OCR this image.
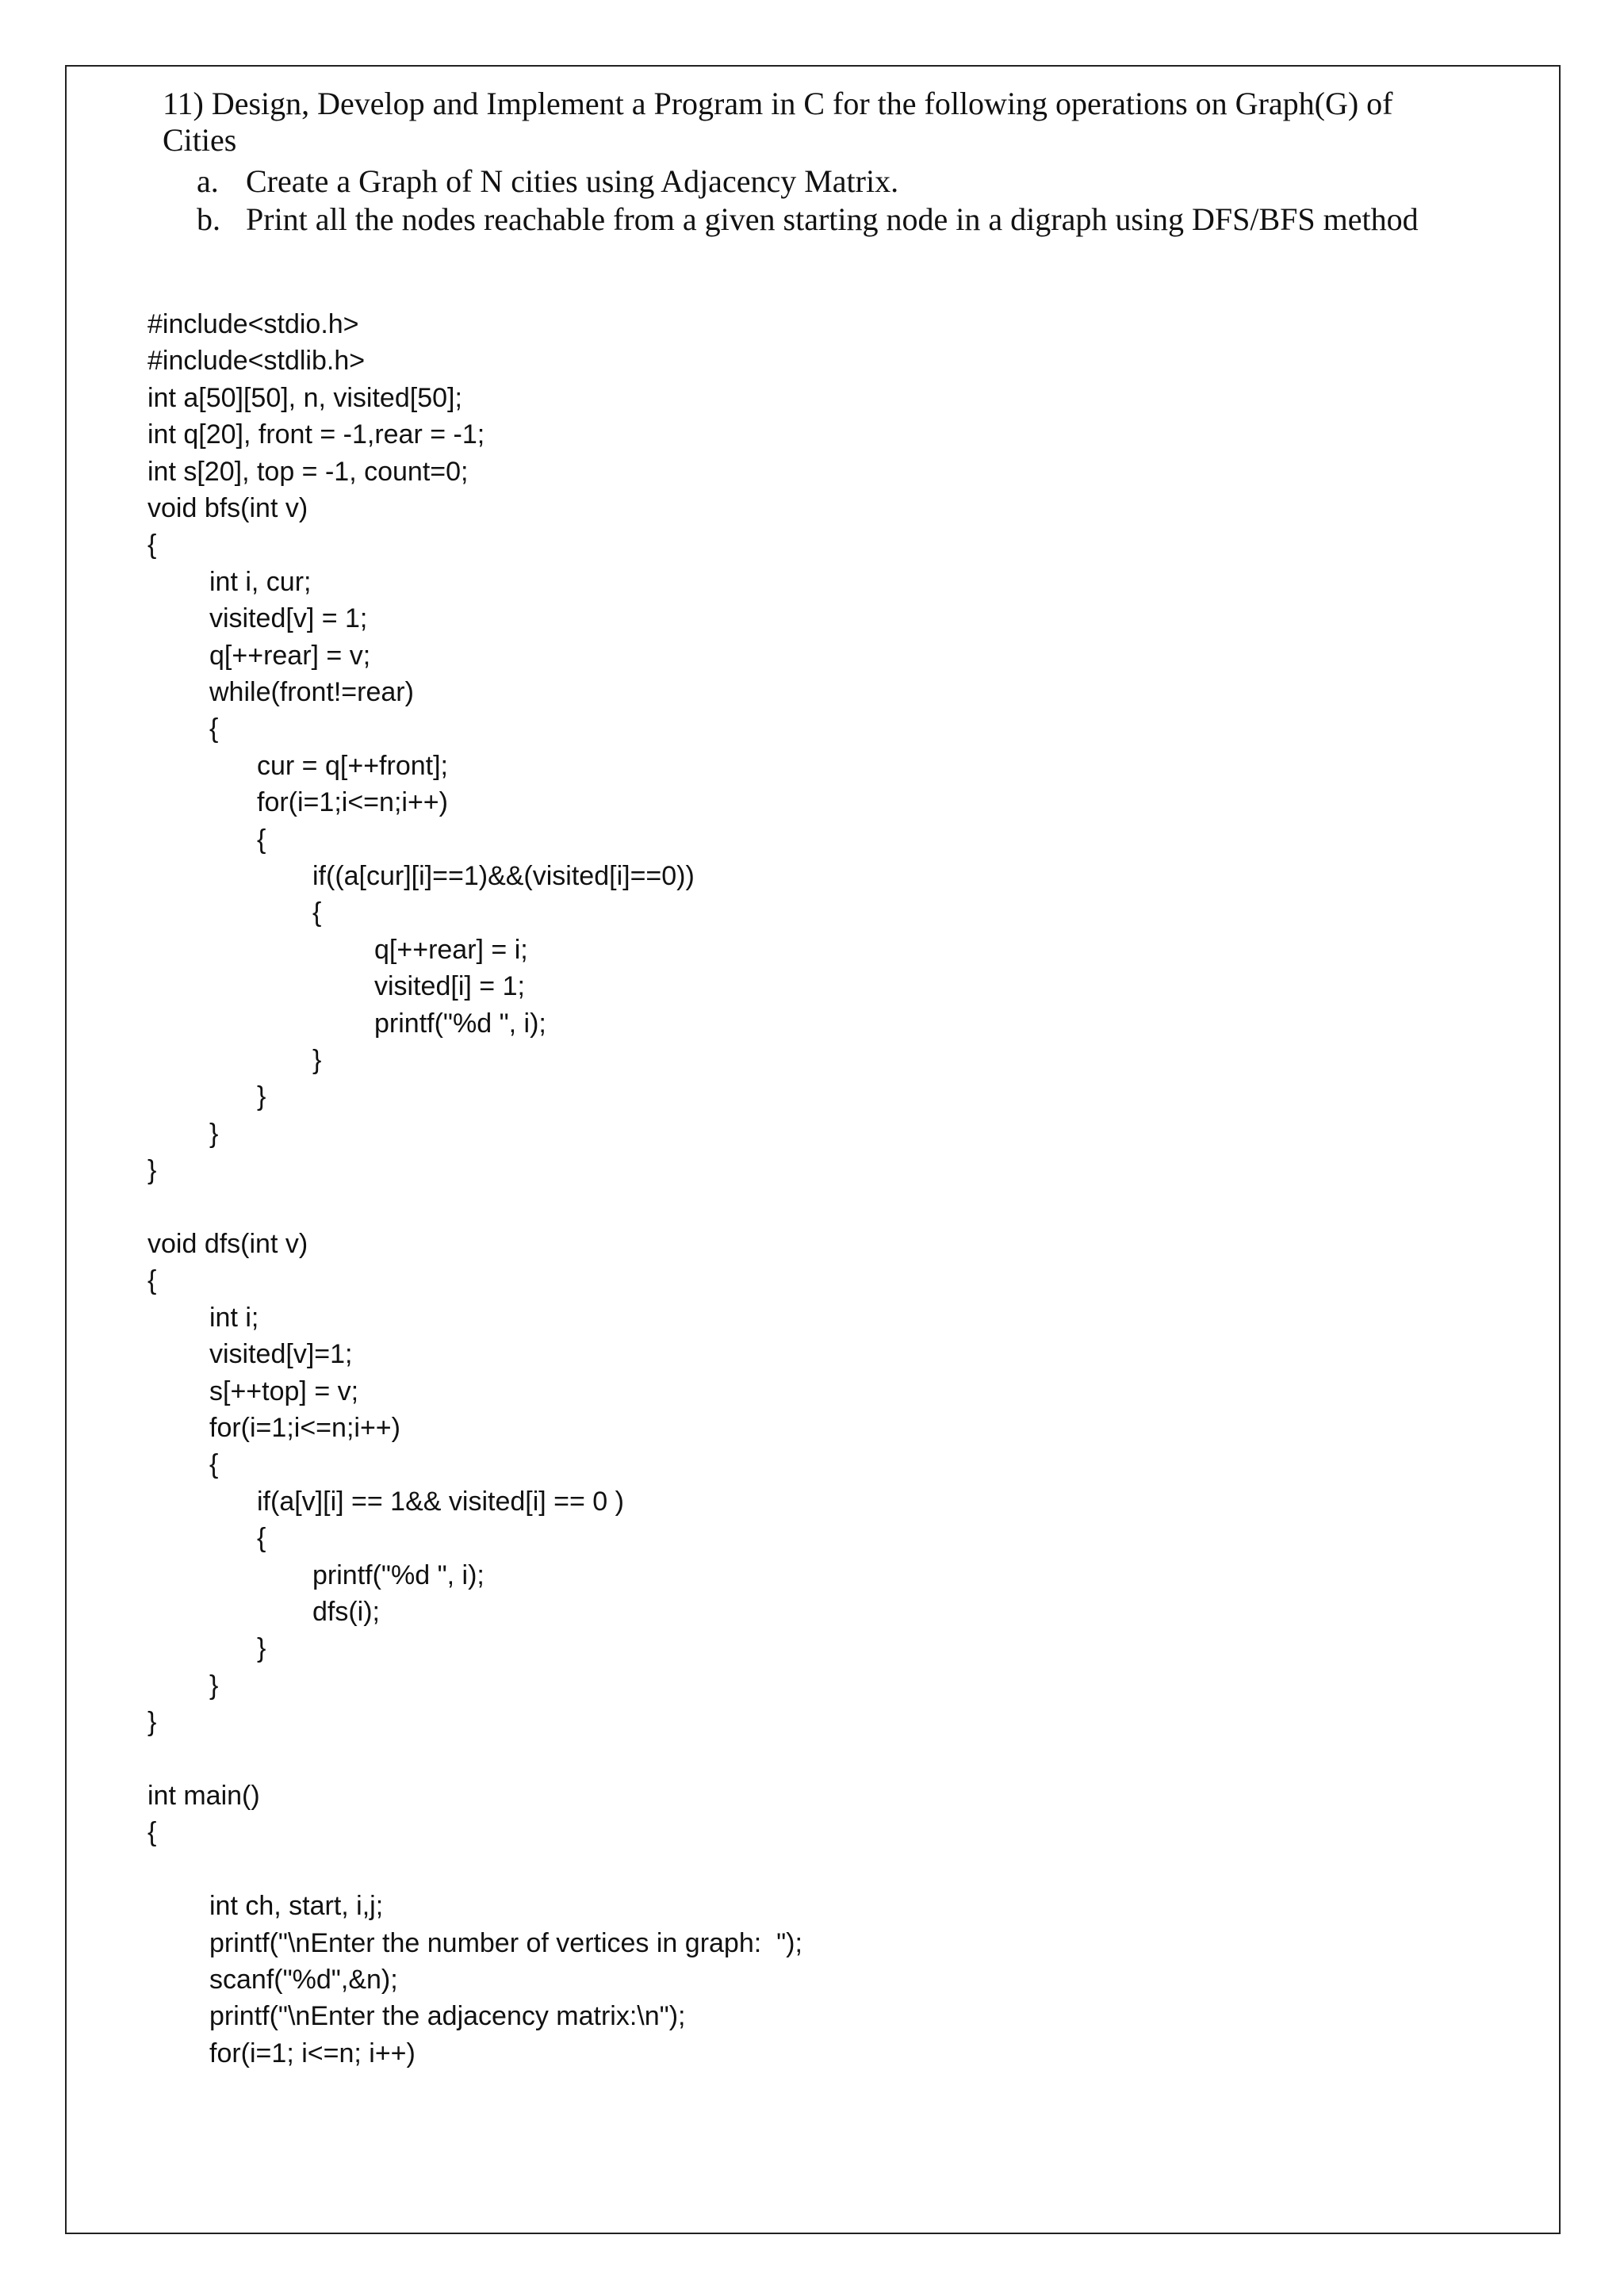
11) Design, Develop and Implement a Program in C for the following operations on Graph(G) of
Cities
a. Create a Graph of N cities using Adjacency Matrix.
b. Print all the nodes reachable from a given starting node in a digraph using DFS/BFS method
#include<stdio.h>
#include<stdlib.h>
int a[50][50], n, visited[50];
int q[20], front = -1,rear = -1;
int s[20], top = -1, count=0;
void bfs(int v)
{
int i, cur;
visited[v] = 1;
q[++rear] = v;
while(front!=rear)
{
cur = q[++front];
for(i=1;i<=n;i++)
{
if((a[cur][i]==1)&&(visited[i]==0))
{
q[++rear] = i;
visited[i] = 1;
printf("%d ", i);
}
}
}
}
void dfs(int v)
{
int i;
visited[v]=1;
s[++top] = v;
for(i=1;i<=n;i++)
{
if(a[v][i] == 1&& visited[i] == 0 )
{
printf("%d ", i);
dfs(i);
}
}
}
int main()
{
int ch, start, i,j;
printf("\nEnter the number of vertices in graph:  ");
scanf("%d",&n);
printf("\nEnter the adjacency matrix:\n");
for(i=1; i<=n; i++)
